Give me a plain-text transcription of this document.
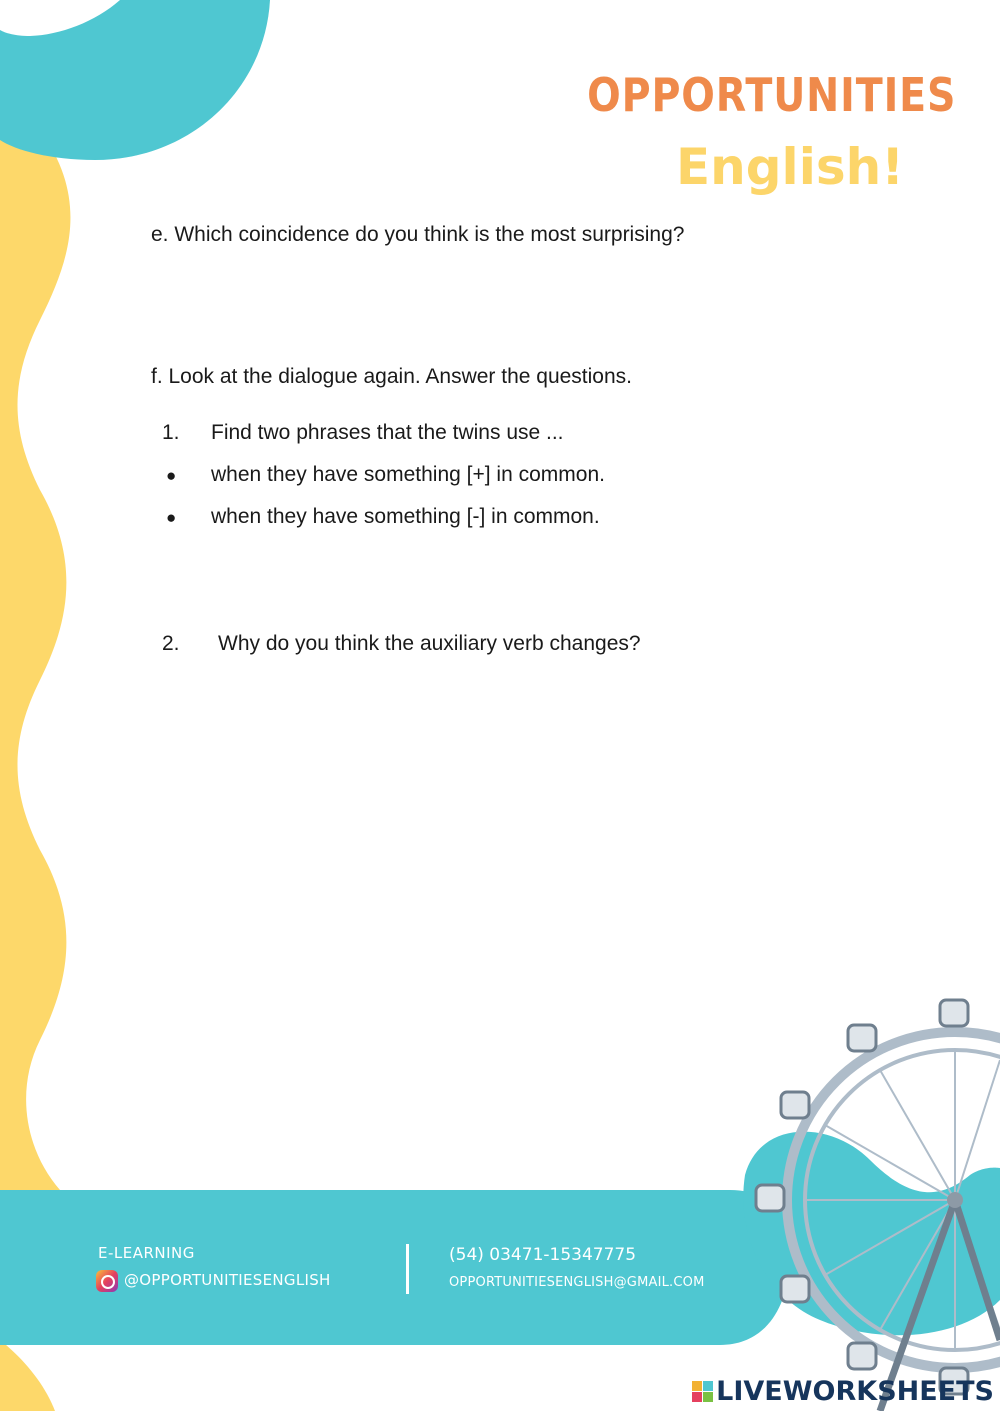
OPPORTUNITIES
English!
e. Which coincidence do you think is the most surprising?
f. Look at the dialogue again. Answer the questions.
1. Find two phrases that the twins use ...
● when they have something [+] in common.
● when they have something [-] in common.
2. Why do you think the auxiliary verb changes?
E-LEARNING
@OPPORTUNITIESENGLISH
(54) 03471-15347775
OPPORTUNITIESENGLISH@GMAIL.COM
LIVEWORKSHEETS
